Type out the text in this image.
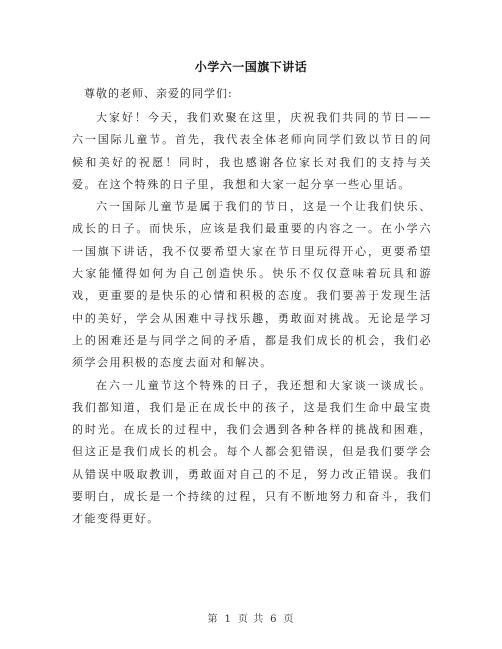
小学六一国旗下讲话
尊敬的老师、亲爱的同学们:

大家好！今天，我们欢聚在这里，庆祝我们共同的节日——六一国际儿童节。首先，我代表全体老师向同学们致以节日的问候和美好的祝愿！同时，我也感谢各位家长对我们的支持与关爱。在这个特殊的日子里，我想和大家一起分享一些心里话。

六一国际儿童节是属于我们的节日，这是一个让我们快乐、成长的日子。而快乐，应该是我们最重要的内容之一。在小学六一国旗下讲话，我不仅要希望大家在节日里玩得开心，更要希望大家能懂得如何为自己创造快乐。快乐不仅仅意味着玩具和游戏，更重要的是快乐的心情和积极的态度。我们要善于发现生活中的美好，学会从困难中寻找乐趣，勇敢面对挑战。无论是学习上的困难还是与同学之间的矛盾，都是我们成长的机会，我们必须学会用积极的态度去面对和解决。

在六一儿童节这个特殊的日子，我还想和大家谈一谈成长。我们都知道，我们是正在成长中的孩子，这是我们生命中最宝贵的时光。在成长的过程中，我们会遇到各种各样的挑战和困难，但这正是我们成长的机会。每个人都会犯错误，但是我们要学会从错误中吸取教训，勇敢面对自己的不足，努力改正错误。我们要明白，成长是一个持续的过程，只有不断地努力和奋斗，我们才能变得更好。

第 1 页 共 6 页
